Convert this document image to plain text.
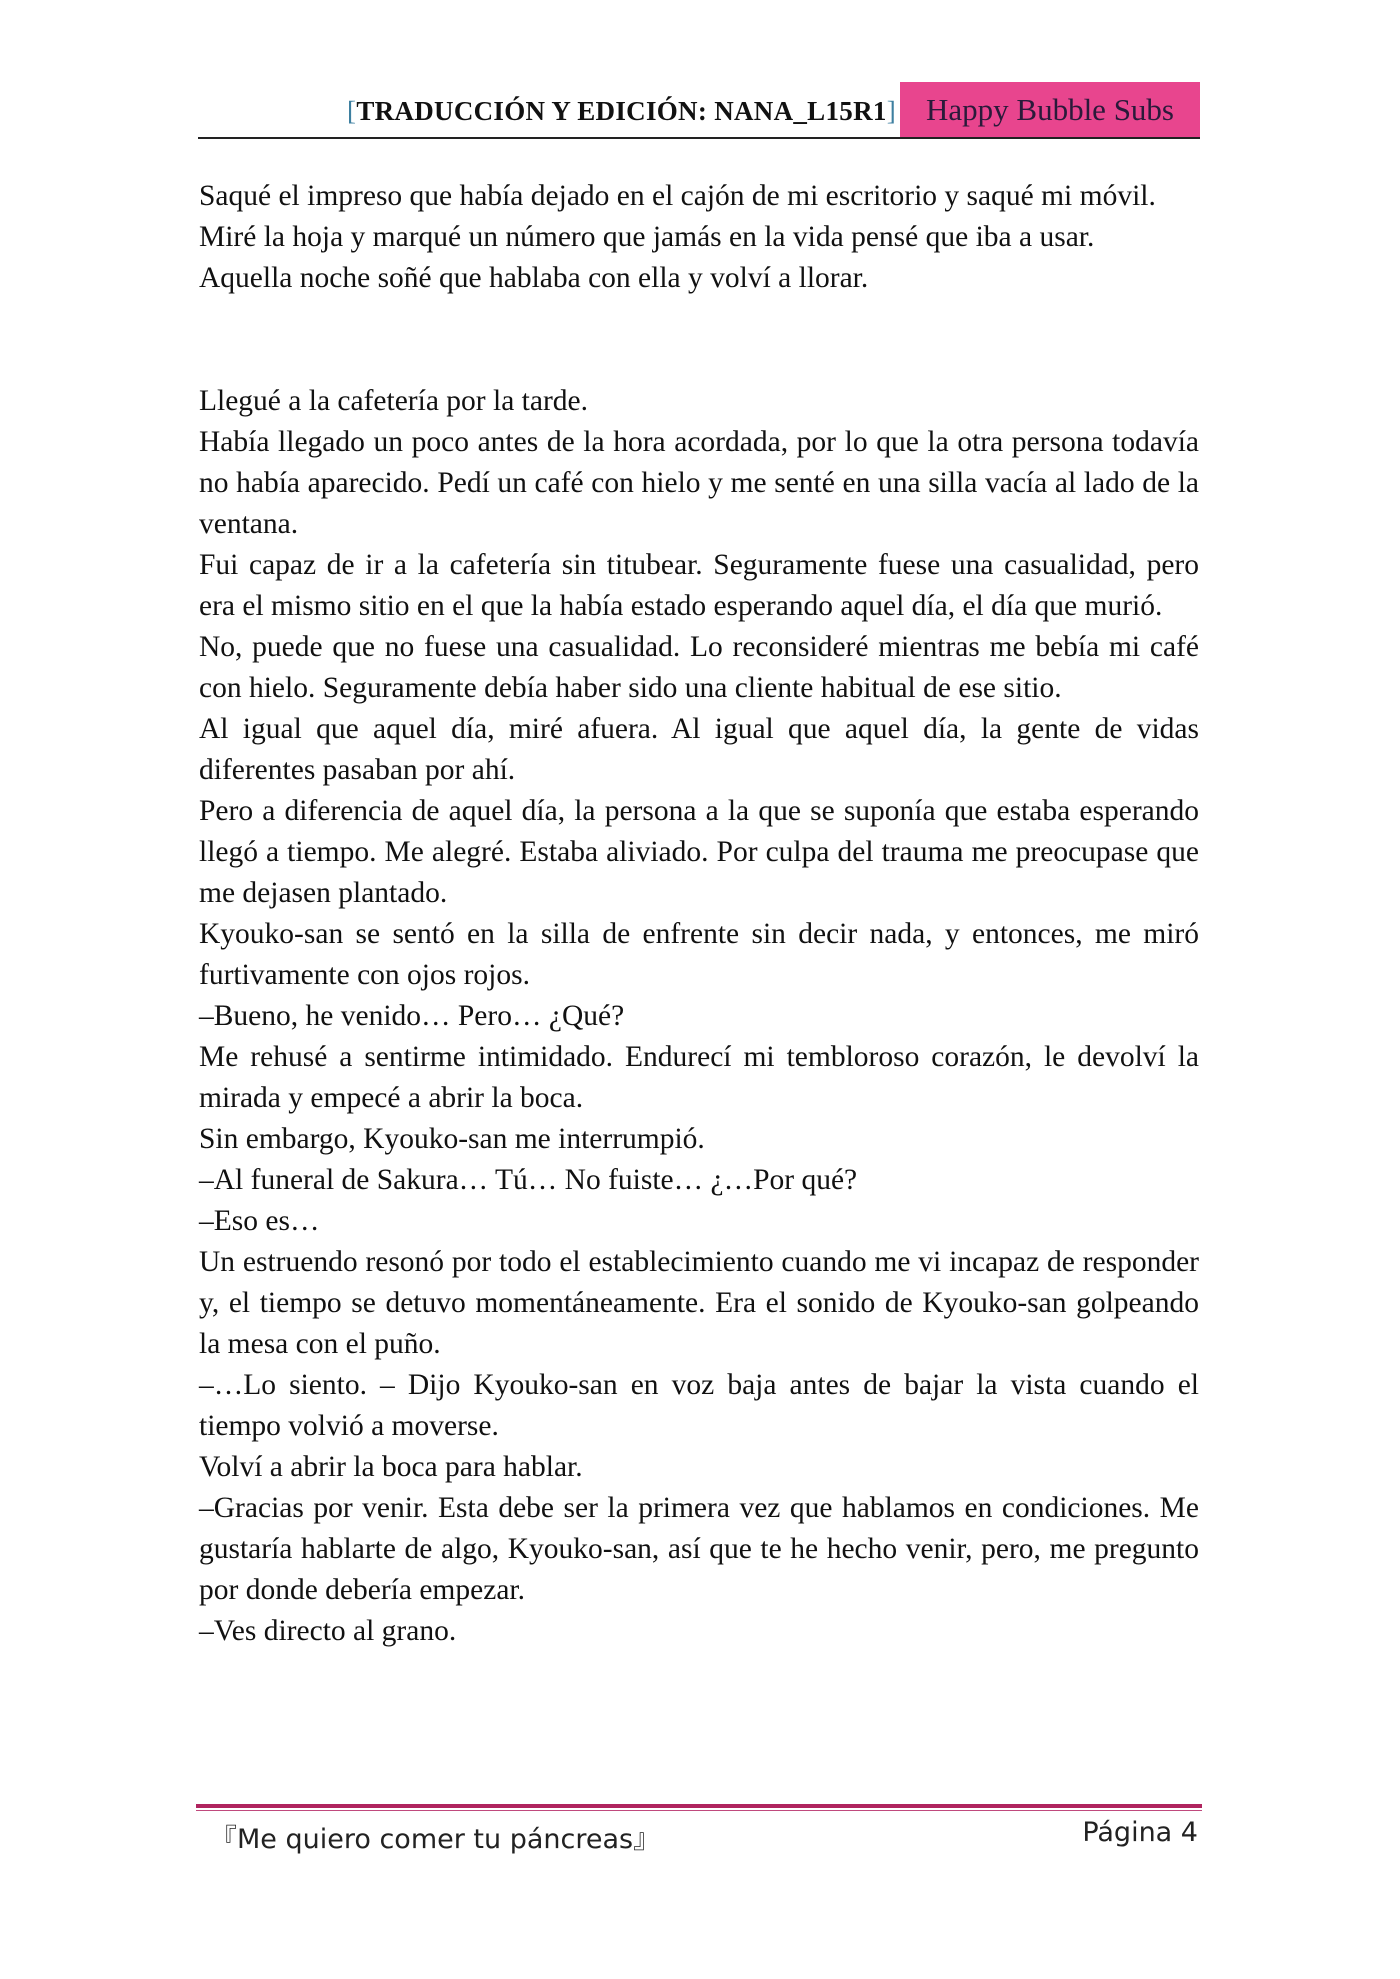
[TRADUCCIÓN Y EDICIÓN: NANA_L15R1] Happy Bubble Subs

Saqué el impreso que había dejado en el cajón de mi escritorio y saqué mi móvil.

Miré la hoja y marqué un número que jamás en la vida pensé que iba a usar.

Aquella noche soñé que hablaba con ella y volví a llorar.

Llegué a la cafetería por la tarde.

Había llegado un poco antes de la hora acordada, por lo que la otra persona todavía no había aparecido. Pedí un café con hielo y me senté en una silla vacía al lado de la ventana.

Fui capaz de ir a la cafetería sin titubear. Seguramente fuese una casualidad, pero era el mismo sitio en el que la había estado esperando aquel día, el día que murió.

No, puede que no fuese una casualidad. Lo reconsideré mientras me bebía mi café con hielo. Seguramente debía haber sido una cliente habitual de ese sitio.

Al igual que aquel día, miré afuera. Al igual que aquel día, la gente de vidas diferentes pasaban por ahí.

Pero a diferencia de aquel día, la persona a la que se suponía que estaba esperando llegó a tiempo. Me alegré. Estaba aliviado. Por culpa del trauma me preocupase que me dejasen plantado.

Kyouko-san se sentó en la silla de enfrente sin decir nada, y entonces, me miró furtivamente con ojos rojos.

–Bueno, he venido… Pero… ¿Qué?

Me rehusé a sentirme intimidado. Endurecí mi tembloroso corazón, le devolví la mirada y empecé a abrir la boca.

Sin embargo, Kyouko-san me interrumpió.

–Al funeral de Sakura… Tú… No fuiste… ¿…Por qué?

–Eso es…

Un estruendo resonó por todo el establecimiento cuando me vi incapaz de responder y, el tiempo se detuvo momentáneamente. Era el sonido de Kyouko-san golpeando la mesa con el puño.

–…Lo siento. – Dijo Kyouko-san en voz baja antes de bajar la vista cuando el tiempo volvió a moverse.

Volví a abrir la boca para hablar.

–Gracias por venir. Esta debe ser la primera vez que hablamos en condiciones. Me gustaría hablarte de algo, Kyouko-san, así que te he hecho venir, pero, me pregunto por donde debería empezar.

–Ves directo al grano.

『Me quiero comer tu páncreas』	Página 4
